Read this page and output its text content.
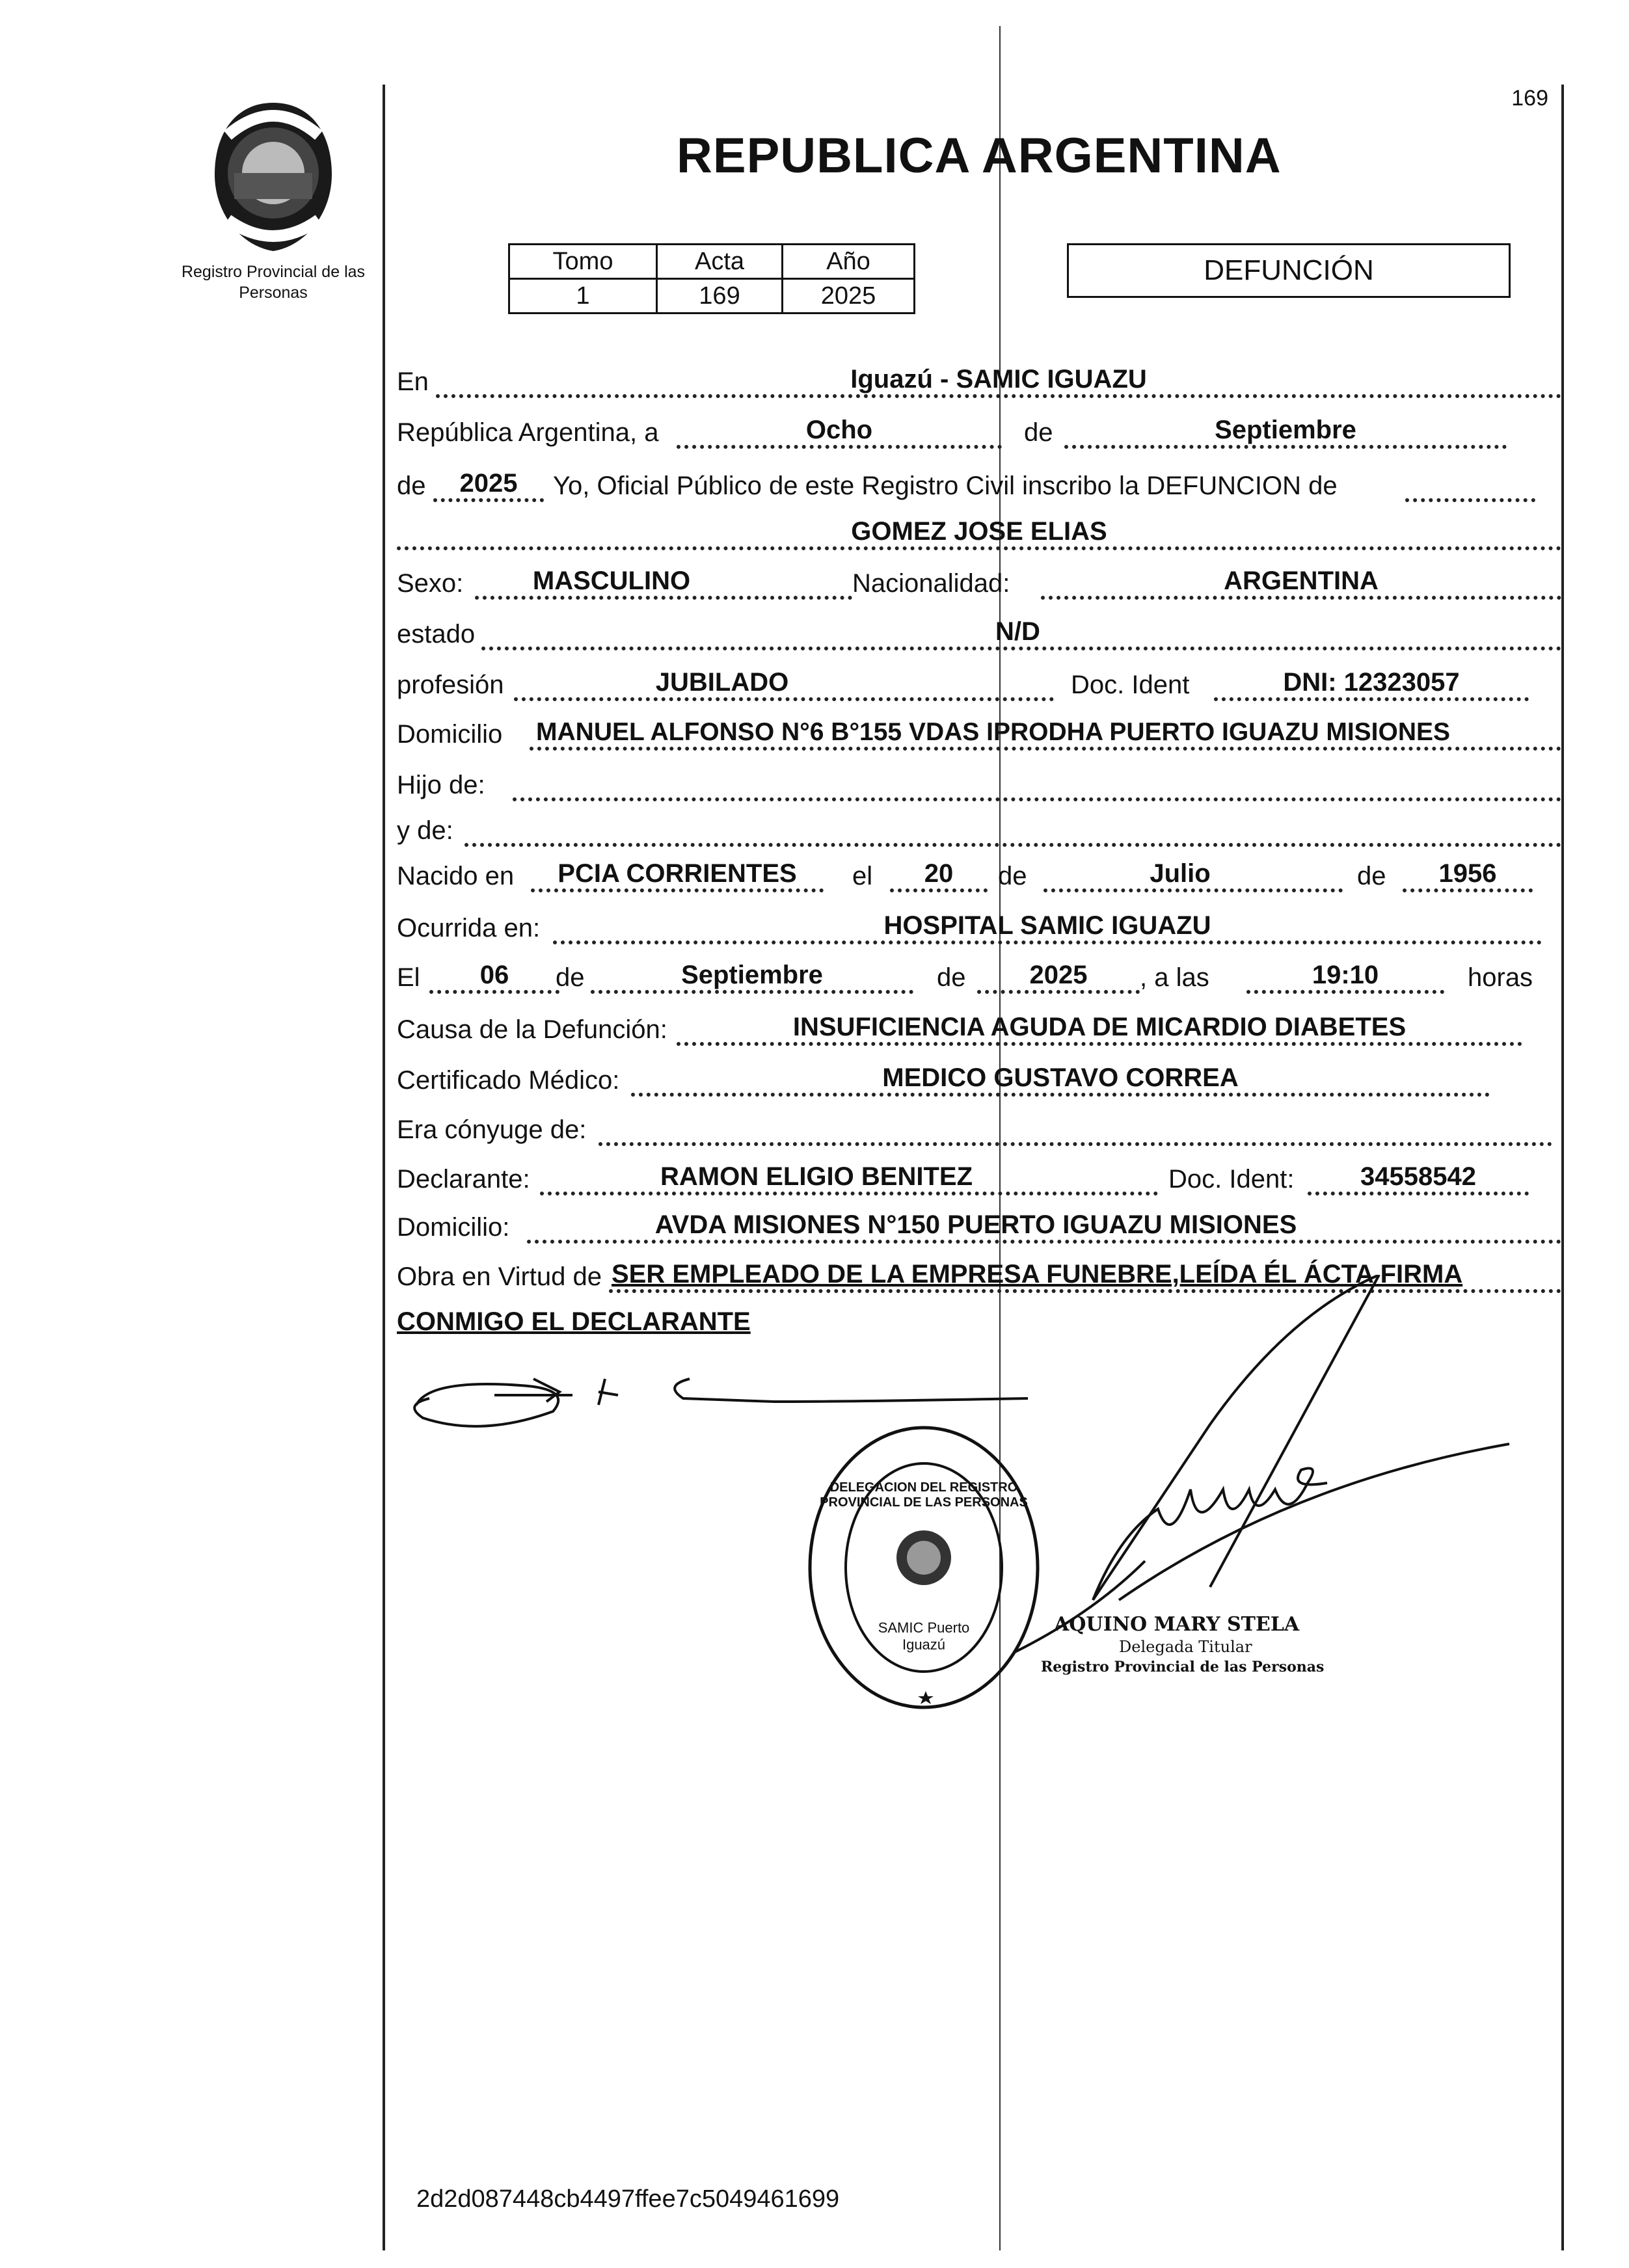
Registro Provincial de las Personas
169
REPUBLICA ARGENTINA
Tomo	Acta	Año
1	169	2025
DEFUNCIÓN
En	Iguazú - SAMIC IGUAZU
República Argentina, a	Ocho	de	Septiembre
de	2025	Yo, Oficial Público de este Registro Civil inscribo la DEFUNCION de
GOMEZ JOSE ELIAS
Sexo:	MASCULINO	Nacionalidad:	ARGENTINA
estado	N/D
profesión	JUBILADO	Doc. Ident	DNI: 12323057
Domicilio MANUEL ALFONSO N°6 B°155 VDAS IPRODHA PUERTO IGUAZU MISIONES
Hijo de:
y de:
Nacido en	PCIA CORRIENTES	el	20	de	Julio	de	1956
Ocurrida en:	HOSPITAL SAMIC IGUAZU
El	06	de	Septiembre	de	2025	, a las	19:10	horas
Causa de la Defunción:	INSUFICIENCIA AGUDA DE MICARDIO DIABETES
Certificado Médico:	MEDICO GUSTAVO CORREA
Era cónyuge de:
Declarante:	RAMON ELIGIO BENITEZ	Doc. Ident:	34558542
Domicilio:	AVDA MISIONES N°150 PUERTO IGUAZU MISIONES
Obra en Virtud de SER EMPLEADO DE LA EMPRESA FUNEBRE,LEÍDA ÉL ÁCTA FIRMA
CONMIGO EL DECLARANTE
DELEGACION DEL REGISTRO PROVINCIAL DE LAS PERSONAS
SAMIC Puerto Iguazú
AQUINO MARY STELA
Delegada Titular
Registro Provincial de las Personas
2d2d087448cb4497ffee7c5049461699
